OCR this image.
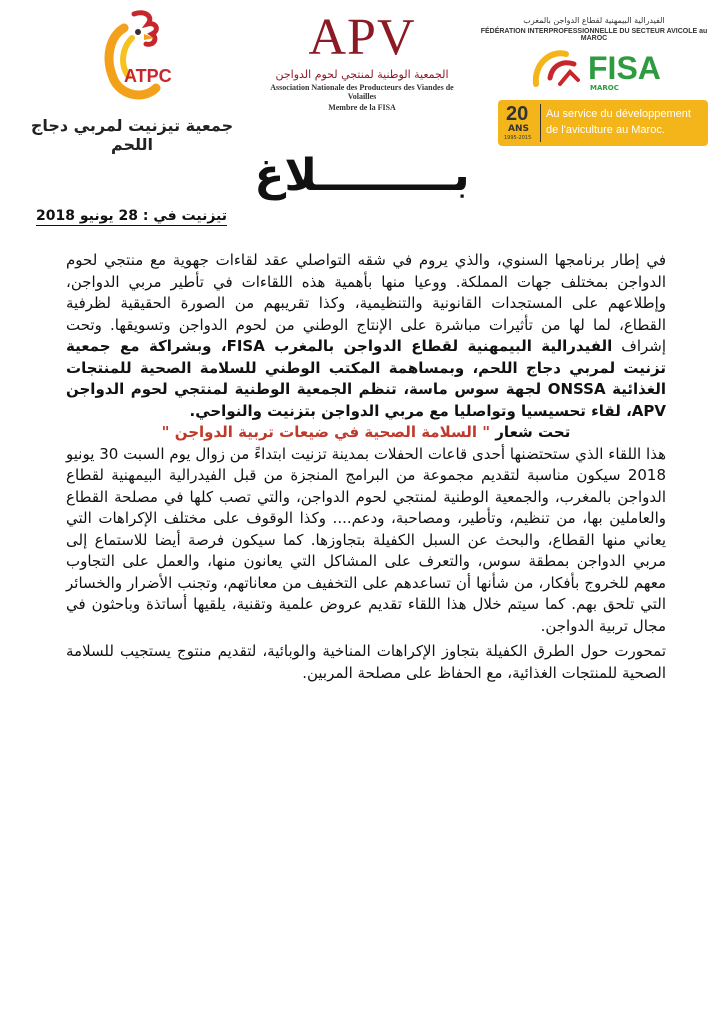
ATPC
جمعية تيزنيت لمربي دجاج اللحم
APV
الجمعية الوطنية لمنتجي لحوم الدواجن
Association Nationale des Producteurs des Viandes de Volailles
Membre de la FISA
الفيدرالية البيمهنية لقطاع الدواجن بالمغرب
FÉDÉRATION INTERPROFESSIONNELLE DU SECTEUR AVICOLE au MAROC
FISA
MAROC
20
ANS
1995-2015
Au service du développement
de l'aviculture au Maroc.
بـــــــــلاغ
تيزنيت في : 28 يونيو 2018

في إطار برنامجها السنوي، والذي يروم في شقه التواصلي عقد لقاءات جهوية مع منتجي لحوم الدواجن بمختلف جهات المملكة. ووعيا منها بأهمية هذه اللقاءات في تأطير مربي الدواجن، وإطلاعهم على المستجدات القانونية والتنظيمية، وكذا تقريبهم من الصورة الحقيقية لظرفية القطاع، لما لها من تأثيرات مباشرة على الإنتاج الوطني من لحوم الدواجن وتسويقها. وتحت إشراف الفيدرالية البيمهنية لقطاع الدواجن بالمغرب FISA، وبشراكة مع جمعية تزنيت لمربي دجاج اللحم، وبمساهمة المكتب الوطني للسلامة الصحية للمنتجات الغذائية ONSSA لجهة سوس ماسة، تنظم الجمعية الوطنية لمنتجي لحوم الدواجن APV، لقاء تحسيسيا وتواصليا مع مربي الدواجن بتزنيت والنواحي.

تحت شعار " السلامة الصحية في ضيعات تربية الدواجن "

هذا اللقاء الذي ستحتضنها أحدى قاعات الحفلات بمدينة تزنيت ابتداءً من زوال يوم السبت 30 يونيو 2018 سيكون مناسبة لتقديم مجموعة من البرامج المنجزة من قبل الفيدرالية البيمهنية لقطاع الدواجن بالمغرب، والجمعية الوطنية لمنتجي لحوم الدواجن، والتي تصب كلها في مصلحة القطاع والعاملين بها، من تنظيم، وتأطير، ومصاحبة، ودعم.... وكذا الوقوف على مختلف الإكراهات التي يعاني منها القطاع، والبحث عن السبل الكفيلة بتجاوزها. كما سيكون فرصة أيضا للاستماع إلى مربي الدواجن بمطقة سوس، والتعرف على المشاكل التي يعانون منها، والعمل على التجاوب معهم للخروج بأفكار، من شأنها أن تساعدهم على التخفيف من معاناتهم، وتجنب الأضرار والخسائر التي تلحق بهم. كما سيتم خلال هذا اللقاء تقديم عروض علمية وتقنية، يلقيها أساتذة وباحثون في مجال تربية الدواجن.

تمحورت حول الطرق الكفيلة بتجاوز الإكراهات المناخية والوبائية، لتقديم منتوج يستجيب للسلامة الصحية للمنتجات الغذائية، مع الحفاظ على مصلحة المربين.
